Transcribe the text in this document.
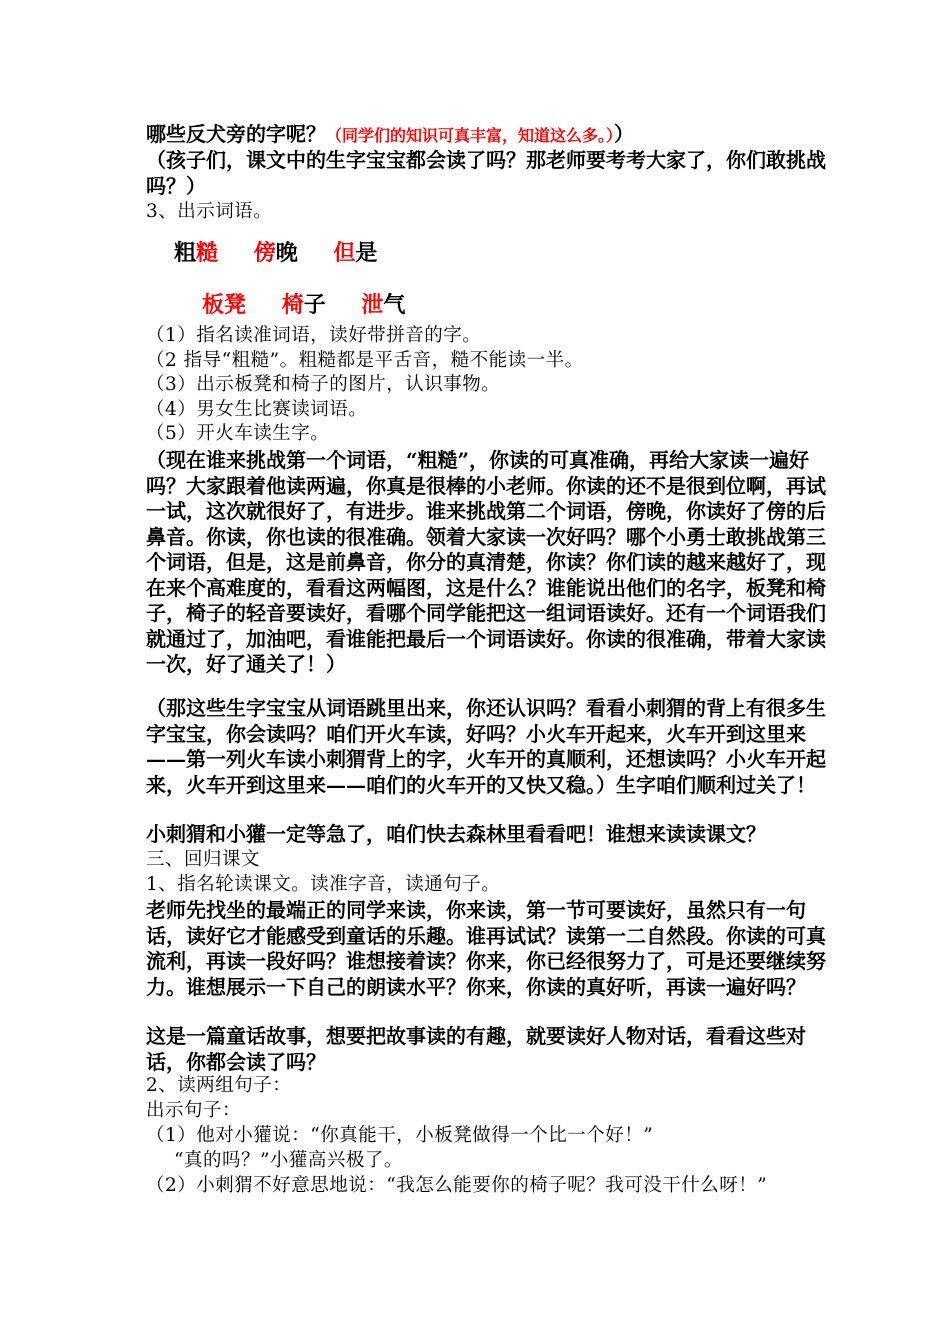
哪些反犬旁的字呢？（同学们的知识可真丰富，知道这么多。））
（孩子们，课文中的生字宝宝都会读了吗？那老师要考考大家了，你们敢挑战吗？）
3、出示词语。
粗糙 傍晚 但是
板凳 椅子 泄气

（1）指名读准词语，读好带拼音的字。

（2 指导“粗糙”。粗糙都是平舌音，糙不能读一半。

（3）出示板凳和椅子的图片，认识事物。

（4）男女生比赛读词语。

（5）开火车读生字。

（现在谁来挑战第一个词语，“粗糙”，你读的可真准确，再给大家读一遍好吗？大家跟着他读两遍，你真是很棒的小老师。你读的还不是很到位啊，再试一试，这次就很好了，有进步。谁来挑战第二个词语，傍晚，你读好了傍的后鼻音。你读，你也读的很准确。领着大家读一次好吗？哪个小勇士敢挑战第三个词语，但是，这是前鼻音，你分的真清楚，你读？你们读的越来越好了，现在来个高难度的，看看这两幅图，这是什么？谁能说出他们的名字，板凳和椅子，椅子的轻音要读好，看哪个同学能把这一组词语读好。还有一个词语我们就通过了，加油吧，看谁能把最后一个词语读好。你读的很准确，带着大家读一次，好了通关了！）
（那这些生字宝宝从词语跳里出来，你还认识吗？看看小刺猬的背上有很多生字宝宝，你会读吗？咱们开火车读，好吗？小火车开起来，火车开到这里来——第一列火车读小刺猬背上的字，火车开的真顺利，还想读吗？小火车开起来，火车开到这里来——咱们的火车开的又快又稳。）生字咱们顺利过关了！
小刺猬和小獾一定等急了，咱们快去森林里看看吧！谁想来读读课文？
三、回归课文
1、指名轮读课文。读准字音，读通句子。
老师先找坐的最端正的同学来读，你来读，第一节可要读好，虽然只有一句话，读好它才能感受到童话的乐趣。谁再试试？读第一二自然段。你读的可真流利，再读一段好吗？谁想接着读？你来，你已经很努力了，可是还要继续努力。谁想展示一下自己的朗读水平？你来，你读的真好听，再读一遍好吗？
这是一篇童话故事，想要把故事读的有趣，就要读好人物对话，看看这些对话，你都会读了吗？
2、读两组句子：
出示句子：
（1）他对小獾说：“你真能干，小板凳做得一个比一个好！”
“真的吗？”小獾高兴极了。
（2）小刺猬不好意思地说：“我怎么能要你的椅子呢？我可没干什么呀！”
